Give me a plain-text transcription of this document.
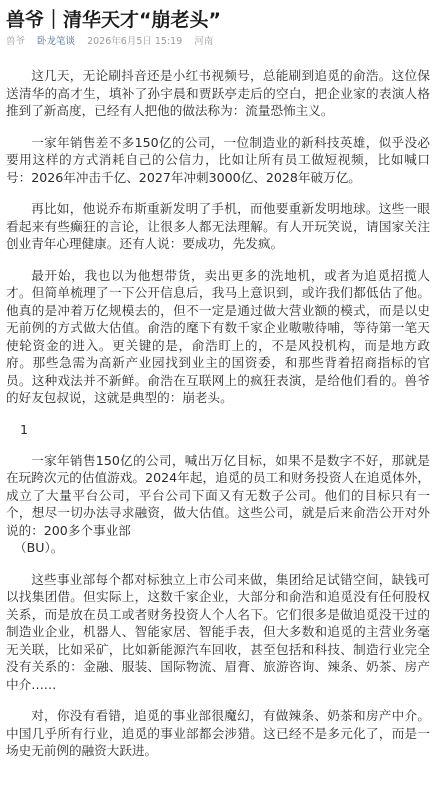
兽爷｜清华天才“崩老头”
兽爷 卧龙笔谈 2026年6月5日 15:19 河南

这几天，无论刷抖音还是小红书视频号，总能刷到追觅的俞浩。这位保送清华的高才生，填补了孙宇晨和贾跃亭走后的空白，把企业家的表演人格推到了新高度，已经有人把他的做法称为：流量恐怖主义。

一家年销售差不多150亿的公司，一位制造业的新科技英雄，似乎没必要用这样的方式消耗自己的公信力，比如让所有员工做短视频，比如喊口号：2026年冲击千亿、2027年冲刺3000亿、2028年破万亿。

再比如，他说乔布斯重新发明了手机，而他要重新发明地球。这些一眼看起来有些癫狂的言论，让很多人都无法理解。有人开玩笑说，请国家关注创业青年心理健康。还有人说：要成功，先发疯。

最开始，我也以为他想带货，卖出更多的洗地机，或者为追觅招揽人才。但简单梳理了一下公开信息后，我马上意识到，或许我们都低估了他。他真的是冲着万亿规模去的，但不一定是通过做大营业额的模式，而是以史无前例的方式做大估值。俞浩的麾下有数千家企业嗷嗷待哺，等待第一笔天使轮资金的进入。更关键的是，俞浩盯上的，不是风投机构，而是地方政府。那些急需为高新产业园找到业主的国资委，和那些背着招商指标的官员。这种戏法并不新鲜。俞浩在互联网上的疯狂表演，是给他们看的。兽爷的好友包叔说，这就是典型的：崩老头。

1

一家年销售150亿的公司，喊出万亿目标，如果不是数字不好，那就是在玩跨次元的估值游戏。2024年起，追觅的员工和财务投资人在追觅体外，成立了大量平台公司，平台公司下面又有无数子公司。他们的目标只有一个，想尽一切办法寻求融资，做大估值。这些公司，就是后来俞浩公开对外说的：200多个事业部

（BU）。

这些事业部每个都对标独立上市公司来做，集团给足试错空间，缺钱可以找集团借。但实际上，这数千家企业，大部分和俞浩和追觅没有任何股权关系，而是放在员工或者财务投资人个人名下。它们很多是做追觅没干过的制造业企业，机器人、智能家居、智能手表，但大多数和追觅的主营业务毫无关联，比如采矿，比如新能源汽车回收，甚至包括和科技、制造行业完全没有关系的：金融、服装、国际物流、眉膏、旅游咨询、辣条、奶茶、房产中介……

对，你没有看错，追觅的事业部很魔幻，有做辣条、奶茶和房产中介。中国几乎所有行业，追觅的事业部都会涉猎。这已经不是多元化了，而是一场史无前例的融资大跃进。
